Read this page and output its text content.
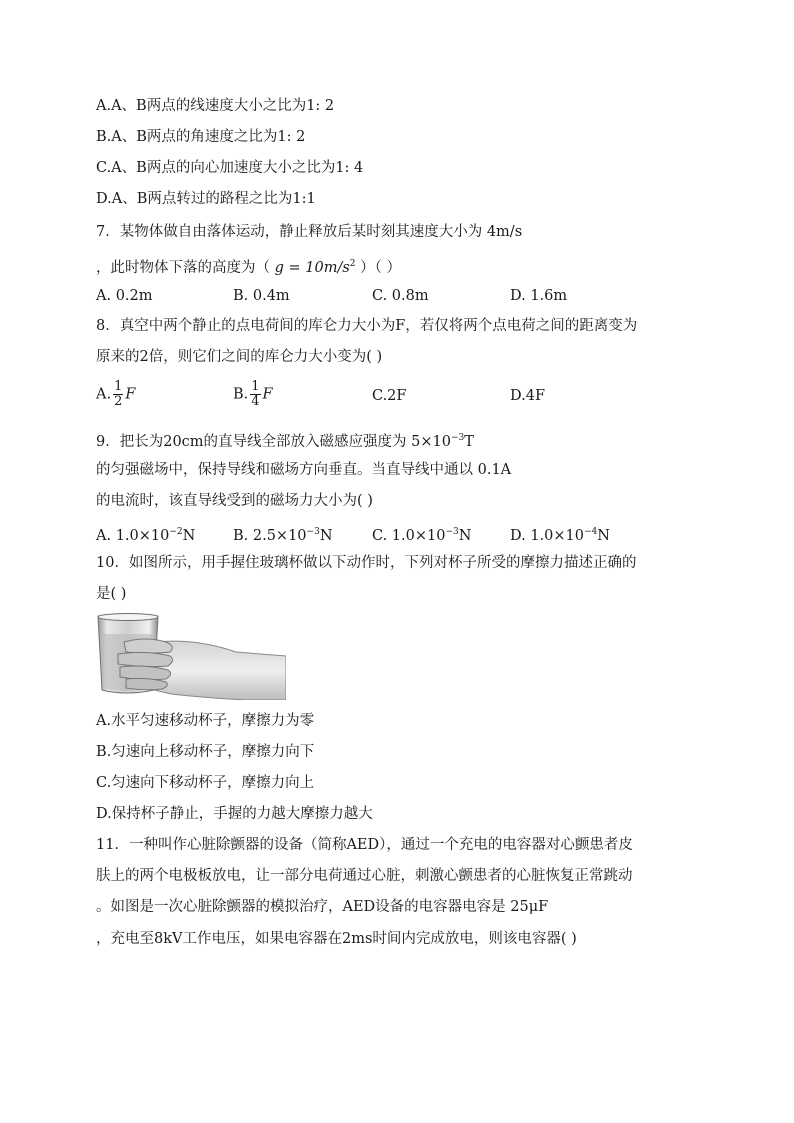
A.A、B两点的线速度大小之比为1: 2
B.A、B两点的角速度之比为1: 2
C.A、B两点的向心加速度大小之比为1: 4
D.A、B两点转过的路程之比为1:1
7．某物体做自由落体运动，静止释放后某时刻其速度大小为 4m/s
，此时物体下落的高度为（ $g = 10m/s^2$ ）（ ）
A. 0.2m	B. 0.4m	C. 0.8m	D. 1.6m
8．真空中两个静止的点电荷间的库仑力大小为F，若仅将两个点电荷之间的距离变为
原来的2倍，则它们之间的库仑力大小变为( )
A. $\frac{1}{2}$ F	B. $\frac{1}{4}$ F	C.2F	D.4F
9．把长为20cm的直导线全部放入磁感应强度为 $5\times 10^{-3}T$
的匀强磁场中，保持导线和磁场方向垂直。当直导线中通以 0.1A
的电流时，该直导线受到的磁场力大小为( )
A. $1.0\times 10^{-2}N$	B. $2.5\times 10^{-3}N$	C. $1.0\times 10^{-3}N$	D. $1.0\times 10^{-4}N$
10．如图所示，用手握住玻璃杯做以下动作时，下列对杯子所受的摩擦力描述正确的
是( )
A.水平匀速移动杯子，摩擦力为零
B.匀速向上移动杯子，摩擦力向下
C.匀速向下移动杯子，摩擦力向上
D.保持杯子静止，手握的力越大摩擦力越大
11．一种叫作心脏除颤器的设备（简称AED），通过一个充电的电容器对心颤患者皮
肤上的两个电极板放电，让一部分电荷通过心脏，刺激心颤患者的心脏恢复正常跳动
。如图是一次心脏除颤器的模拟治疗，AED设备的电容器电容是 25μF
，充电至8kV工作电压，如果电容器在2ms时间内完成放电，则该电容器( )
